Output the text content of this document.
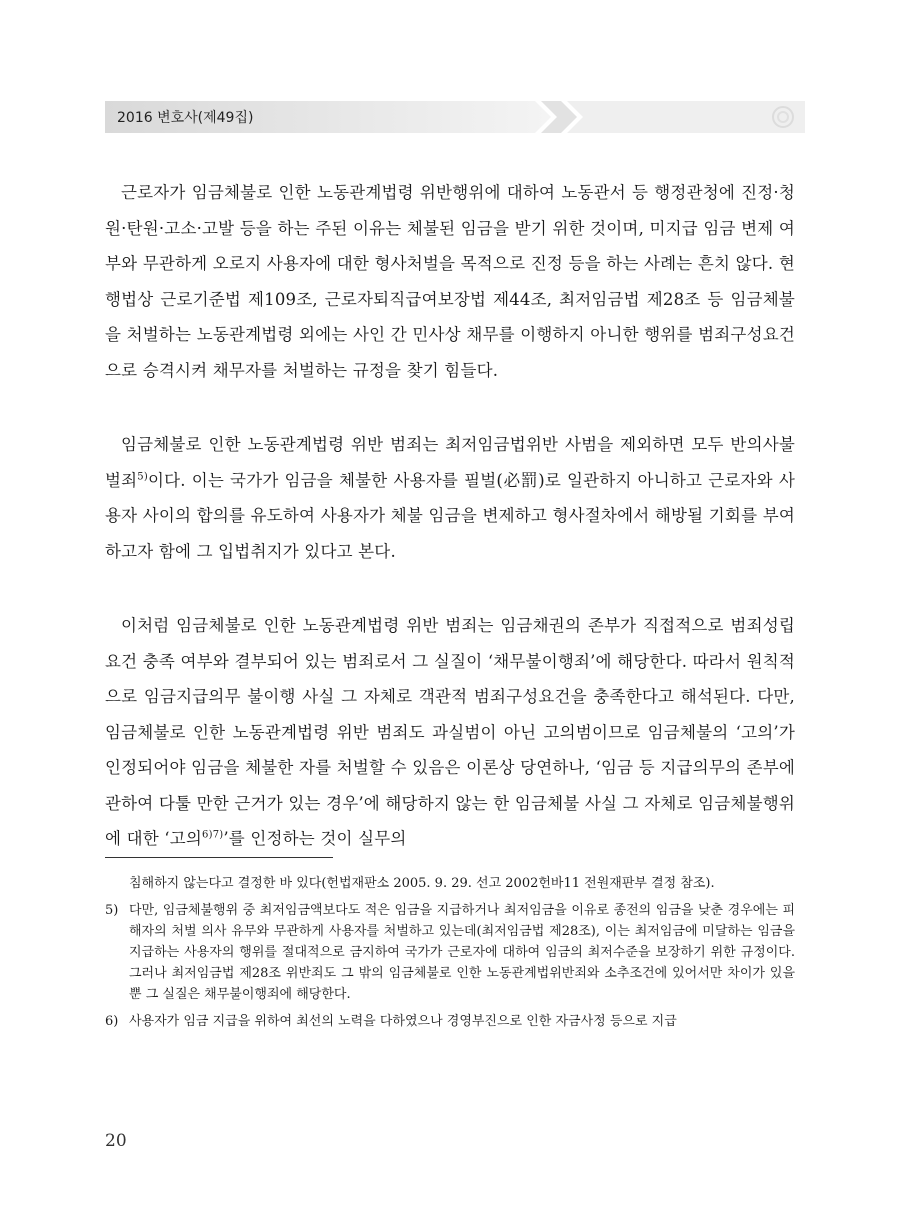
2016 변호사(제49집)

근로자가 임금체불로 인한 노동관계법령 위반행위에 대하여 노동관서 등 행정관청에 진정·청원·탄원·고소·고발 등을 하는 주된 이유는 체불된 임금을 받기 위한 것이며, 미지급 임금 변제 여부와 무관하게 오로지 사용자에 대한 형사처벌을 목적으로 진정 등을 하는 사례는 흔치 않다. 현행법상 근로기준법 제109조, 근로자퇴직급여보장법 제44조, 최저임금법 제28조 등 임금체불을 처벌하는 노동관계법령 외에는 사인 간 민사상 채무를 이행하지 아니한 행위를 범죄구성요건으로 승격시켜 채무자를 처벌하는 규정을 찾기 힘들다.

임금체불로 인한 노동관계법령 위반 범죄는 최저임금법위반 사범을 제외하면 모두 반의사불벌죄$^{5)}$이다. 이는 국가가 임금을 체불한 사용자를 필벌(必罰)로 일관하지 아니하고 근로자와 사용자 사이의 합의를 유도하여 사용자가 체불 임금을 변제하고 형사절차에서 해방될 기회를 부여하고자 함에 그 입법취지가 있다고 본다.

이처럼 임금체불로 인한 노동관계법령 위반 범죄는 임금채권의 존부가 직접적으로 범죄성립요건 충족 여부와 결부되어 있는 범죄로서 그 실질이 ‘채무불이행죄’에 해당한다. 따라서 원칙적으로 임금지급의무 불이행 사실 그 자체로 객관적 범죄구성요건을 충족한다고 해석된다. 다만, 임금체불로 인한 노동관계법령 위반 범죄도 과실범이 아닌 고의범이므로 임금체불의 ‘고의’가 인정되어야 임금을 체불한 자를 처벌할 수 있음은 이론상 당연하나, ‘임금 등 지급의무의 존부에 관하여 다툴 만한 근거가 있는 경우’에 해당하지 않는 한 임금체불 사실 그 자체로 임금체불행위에 대한 ‘고의$^{6)7)}$’를 인정하는 것이 실무의

침해하지 않는다고 결정한 바 있다(헌법재판소 2005. 9. 29. 선고 2002헌바11 전원재판부 결정 참조).
5) 다만, 임금체불행위 중 최저임금액보다도 적은 임금을 지급하거나 최저임금을 이유로 종전의 임금을 낮춘 경우에는 피해자의 처벌 의사 유무와 무관하게 사용자를 처벌하고 있는데(최저임금법 제28조), 이는 최저임금에 미달하는 임금을 지급하는 사용자의 행위를 절대적으로 금지하여 국가가 근로자에 대하여 임금의 최저수준을 보장하기 위한 규정이다. 그러나 최저임금법 제28조 위반죄도 그 밖의 임금체불로 인한 노동관계법위반죄와 소추조건에 있어서만 차이가 있을 뿐 그 실질은 채무불이행죄에 해당한다.
6) 사용자가 임금 지급을 위하여 최선의 노력을 다하였으나 경영부진으로 인한 자금사정 등으로 지급
20
